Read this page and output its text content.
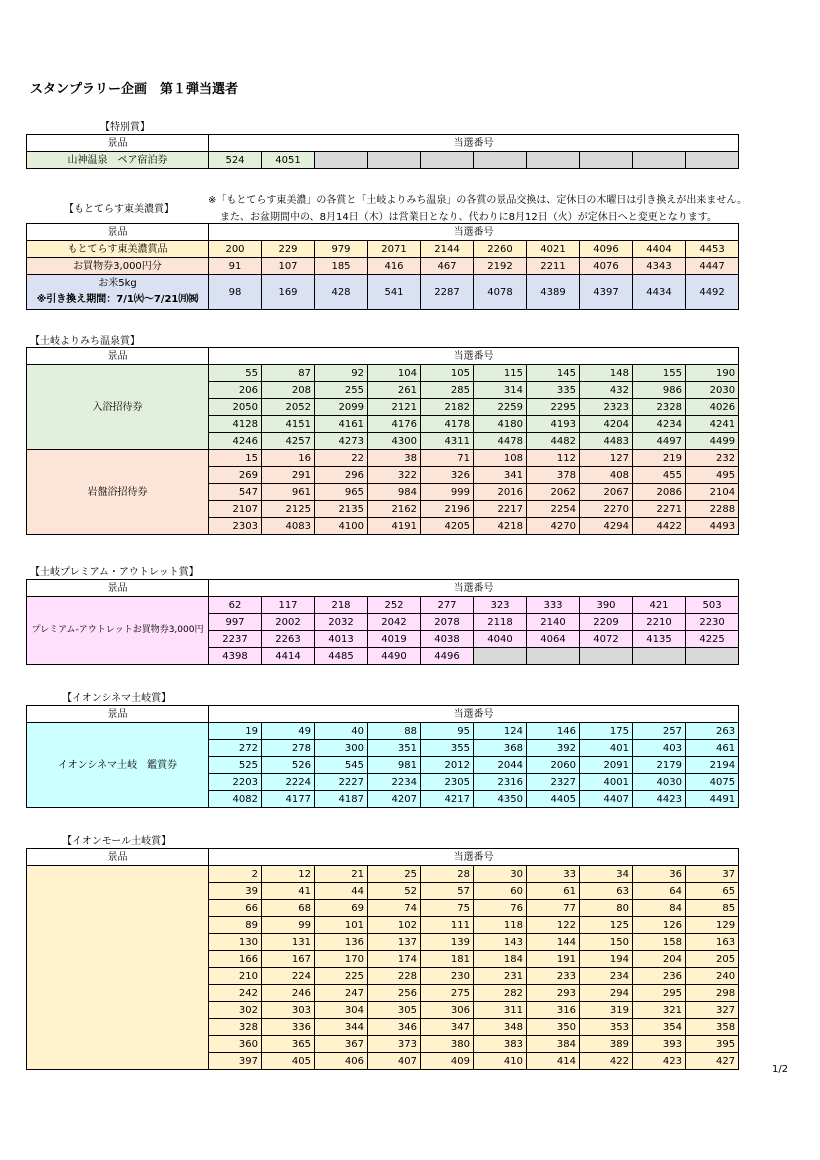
スタンプラリー企画　第１弾当選者
【特別賞】
景品	当選番号									
山神温泉　ペア宿泊券	524	4051								
【もとてらす東美濃賞】
※「もとてらす東美濃」の各賞と「土岐よりみち温泉」の各賞の景品交換は、定休日の木曜日は引き換えが出来ません。
また、お盆期間中の、8月14日（木）は営業日となり、代わりに8月12日（火）が定休日へと変更となります。
景品	当選番号									

もとてらす東美濃賞品	200	229	979	2071	2144	2260	4021	4096	4404	4453

お買物券3,000円分	91	107	185	416	467	2192	2211	4076	4343	4447

お米5kg
※引き換え期間：7/1㈫～7/21㈪㈷	98	169	428	541	2287	4078	4389	4397	4434	4492
【土岐よりみち温泉賞】
景品	当選番号									
入浴招待券	55	87	92	104	105	115	145	148	155	190
	206	208	255	261	285	314	335	432	986	2030
	2050	2052	2099	2121	2182	2259	2295	2323	2328	4026
	4128	4151	4161	4176	4178	4180	4193	4204	4234	4241
	4246	4257	4273	4300	4311	4478	4482	4483	4497	4499
岩盤浴招待券	15	16	22	38	71	108	112	127	219	232
	269	291	296	322	326	341	378	408	455	495
	547	961	965	984	999	2016	2062	2067	2086	2104
	2107	2125	2135	2162	2196	2217	2254	2270	2271	2288
	2303	4083	4100	4191	4205	4218	4270	4294	4422	4493
【土岐プレミアム・アウトレット賞】
景品	当選番号									
プレミアム-アウトレットお買物券3,000円	62	117	218	252	277	323	333	390	421	503
	997	2002	2032	2042	2078	2118	2140	2209	2210	2230
	2237	2263	4013	4019	4038	4040	4064	4072	4135	4225
	4398	4414	4485	4490	4496					
【イオンシネマ土岐賞】
景品	当選番号									
イオンシネマ土岐　鑑賞券	19	49	40	88	95	124	146	175	257	263
	272	278	300	351	355	368	392	401	403	461
	525	526	545	981	2012	2044	2060	2091	2179	2194
	2203	2224	2227	2234	2305	2316	2327	4001	4030	4075
	4082	4177	4187	4207	4217	4350	4405	4407	4423	4491
【イオンモール土岐賞】
景品	当選番号									
	2	12	21	25	28	30	33	34	36	37
	39	41	44	52	57	60	61	63	64	65
	66	68	69	74	75	76	77	80	84	85
	89	99	101	102	111	118	122	125	126	129
	130	131	136	137	139	143	144	150	158	163
	166	167	170	174	181	184	191	194	204	205
	210	224	225	228	230	231	233	234	236	240
	242	246	247	256	275	282	293	294	295	298
	302	303	304	305	306	311	316	319	321	327
	328	336	344	346	347	348	350	353	354	358
	360	365	367	373	380	383	384	389	393	395
	397	405	406	407	409	410	414	422	423	427
1/2
